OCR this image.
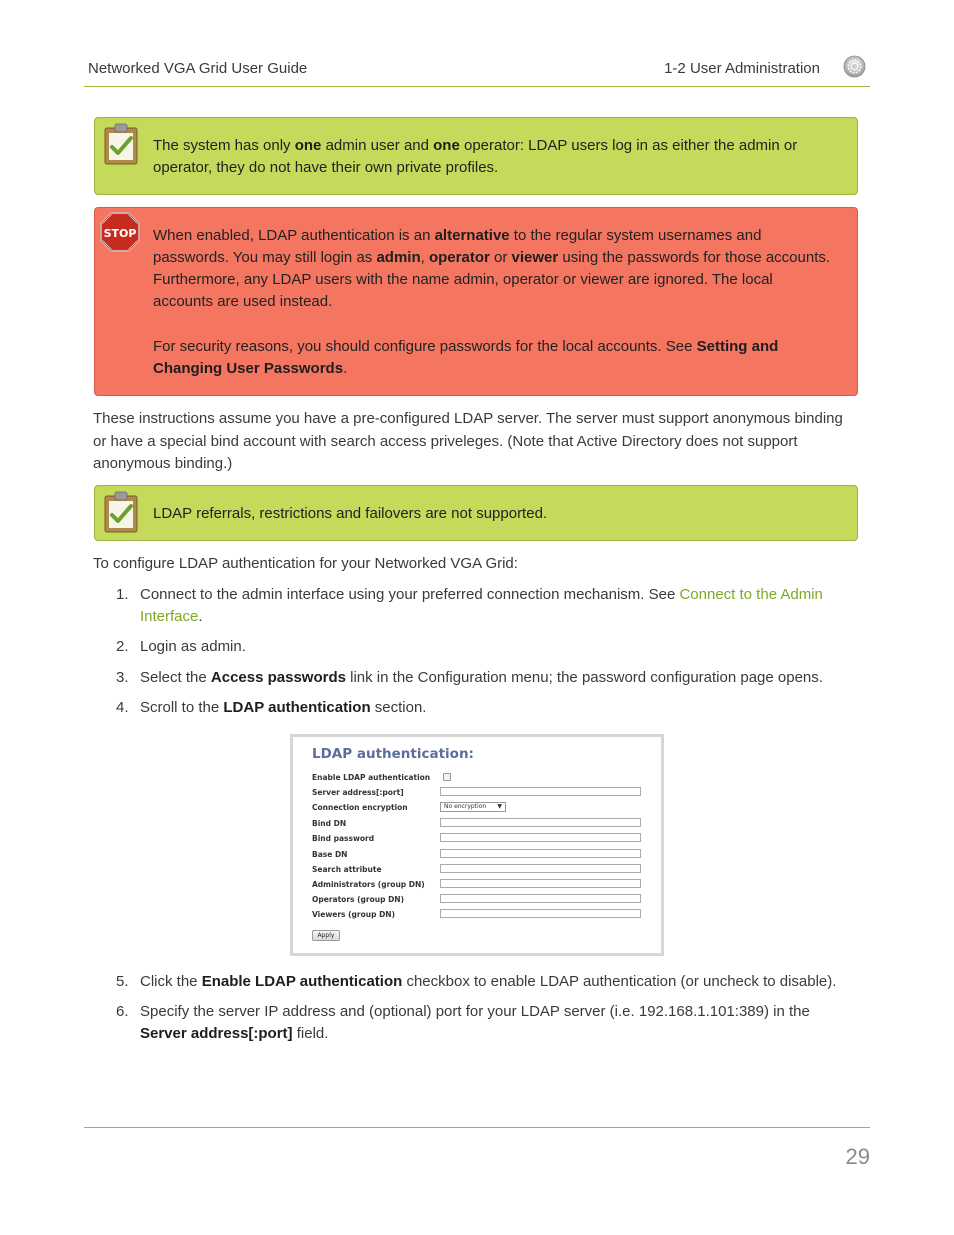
Networked VGA Grid User Guide	1-2 User Administration
The system has only one admin user and one operator: LDAP users log in as either the admin or operator, they do not have their own private profiles.
STOP When enabled, LDAP authentication is an alternative to the regular system usernames and passwords. You may still login as admin, operator or viewer using the passwords for those accounts. Furthermore, any LDAP users with the name admin, operator or viewer are ignored. The local accounts are used instead.
For security reasons, you should configure passwords for the local accounts. See Setting and Changing User Passwords.
These instructions assume you have a pre-configured LDAP server. The server must support anonymous binding or have a special bind account with search access priveleges. (Note that Active Directory does not support anonymous binding.)
LDAP referrals, restrictions and failovers are not supported.
To configure LDAP authentication for your Networked VGA Grid:
1. Connect to the admin interface using your preferred connection mechanism. See Connect to the Admin Interface.
2. Login as admin.
3. Select the Access passwords link in the Configuration menu; the password configuration page opens.
4. Scroll to the LDAP authentication section.
LDAP authentication:
Enable LDAP authentication
Server address[:port]
Connection encryption	No encryption ▼
Bind DN
Bind password
Base DN
Search attribute
Administrators (group DN)
Operators (group DN)
Viewers (group DN)
Apply
5. Click the Enable LDAP authentication checkbox to enable LDAP authentication (or uncheck to disable).
6. Specify the server IP address and (optional) port for your LDAP server (i.e. 192.168.1.101:389) in the Server address[:port] field.
29
